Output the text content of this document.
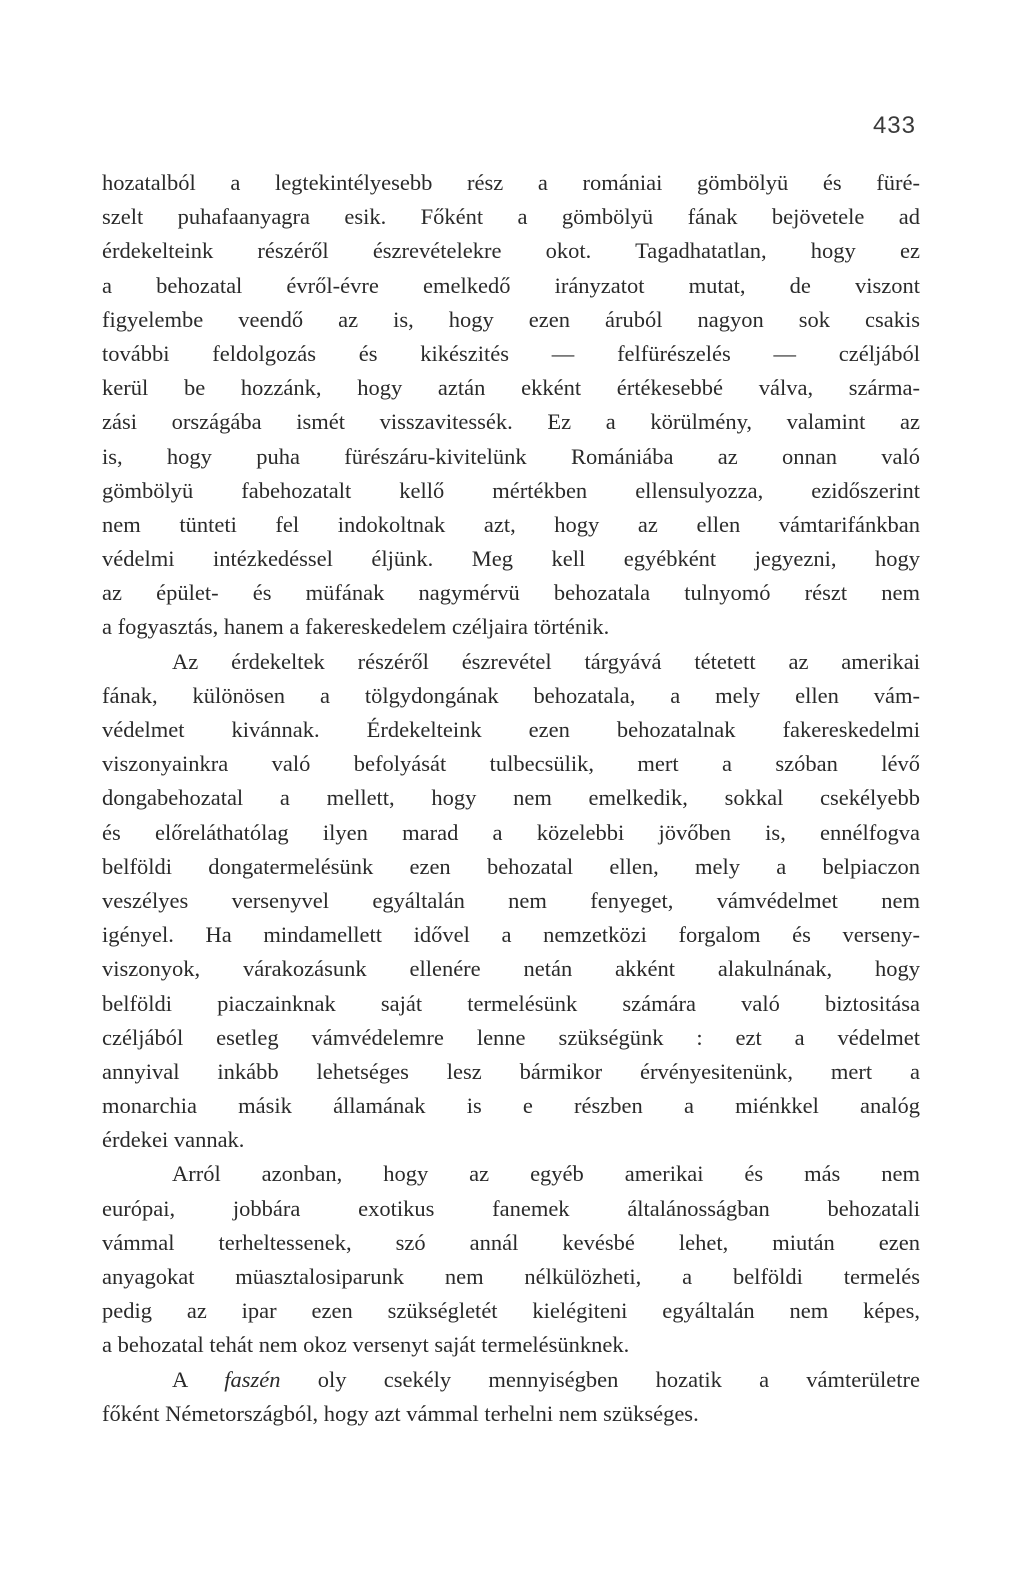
433
hozatalból a legtekintélyesebb rész a romániai gömbölyü és füré-
szelt puhafaanyagra esik. Főként a gömbölyü fának bejövetele ad
érdekelteink részéről észrevételekre okot. Tagadhatatlan, hogy ez
a behozatal évről-évre emelkedő irányzatot mutat, de viszont
figyelembe veendő az is, hogy ezen áruból nagyon sok csakis
további feldolgozás és kikészités — felfürészelés — czéljából
kerül be hozzánk, hogy aztán ekként értékesebbé válva, szárma-
zási országába ismét visszavitessék. Ez a körülmény, valamint az
is, hogy puha fürészáru-kivitelünk Romániába az onnan való
gömbölyü fabehozatalt kellő mértékben ellensulyozza, ezidőszerint
nem tünteti fel indokoltnak azt, hogy az ellen vámtarifánkban
védelmi intézkedéssel éljünk. Meg kell egyébként jegyezni, hogy
az épület- és müfának nagymérvü behozatala tulnyomó részt nem
a fogyasztás, hanem a fakereskedelem czéljaira történik.
Az érdekeltek részéről észrevétel tárgyává tétetett az amerikai
fának, különösen a tölgydongának behozatala, a mely ellen vám-
védelmet kivánnak. Érdekelteink ezen behozatalnak fakereskedelmi
viszonyainkra való befolyását tulbecsülik, mert a szóban lévő
dongabehozatal a mellett, hogy nem emelkedik, sokkal csekélyebb
és előreláthatólag ilyen marad a közelebbi jövőben is, ennélfogva
belföldi dongatermelésünk ezen behozatal ellen, mely a belpiaczon
veszélyes versenyvel egyáltalán nem fenyeget, vámvédelmet nem
igényel. Ha mindamellett idővel a nemzetközi forgalom és verseny-
viszonyok, várakozásunk ellenére netán akként alakulnának, hogy
belföldi piaczainknak saját termelésünk számára való biztositása
czéljából esetleg vámvédelemre lenne szükségünk : ezt a védelmet
annyival inkább lehetséges lesz bármikor érvényesitenünk, mert a
monarchia másik államának is e részben a miénkkel analóg
érdekei vannak.
Arról azonban, hogy az egyéb amerikai és más nem
európai, jobbára exotikus fanemek általánosságban behozatali
vámmal terheltessenek, szó annál kevésbé lehet, miután ezen
anyagokat müasztalosiparunk nem nélkülözheti, a belföldi termelés
pedig az ipar ezen szükségletét kielégiteni egyáltalán nem képes,
a behozatal tehát nem okoz versenyt saját termelésünknek.
A faszén oly csekély mennyiségben hozatik a vámterületre
főként Németországból, hogy azt vámmal terhelni nem szükséges.
